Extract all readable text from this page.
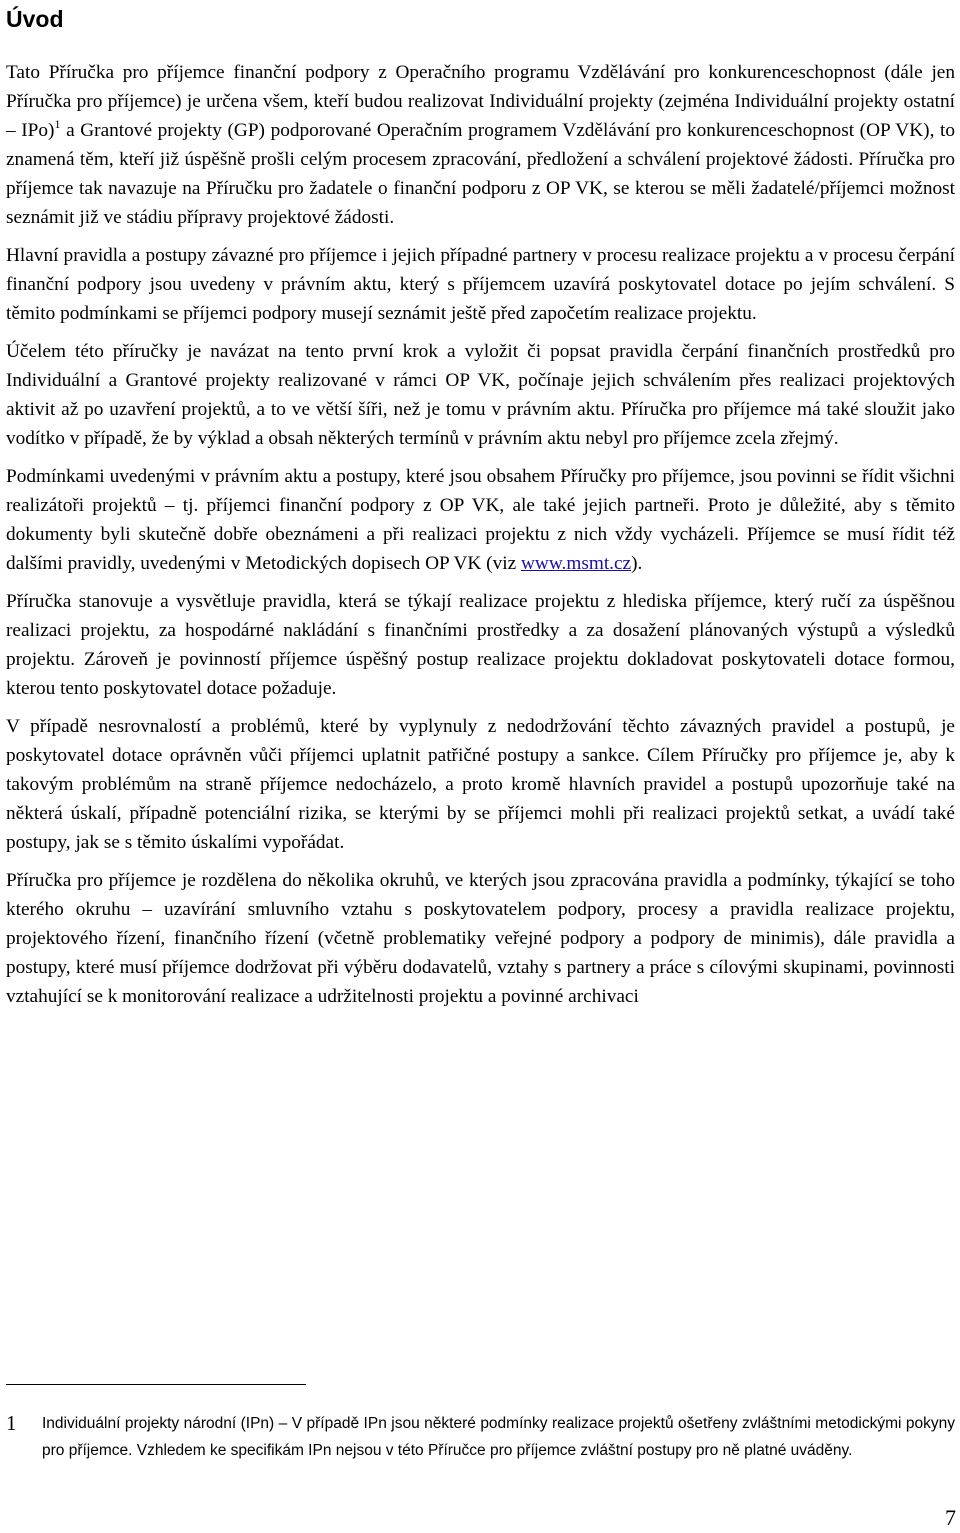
Úvod

Tato Příručka pro příjemce finanční podpory z Operačního programu Vzdělávání pro konkurenceschopnost (dále jen Příručka pro příjemce) je určena všem, kteří budou realizovat Individuální projekty (zejména Individuální projekty ostatní – IPo)$^1$ a Grantové projekty (GP) podporované Operačním programem Vzdělávání pro konkurenceschopnost (OP VK), to znamená těm, kteří již úspěšně prošli celým procesem zpracování, předložení a schválení projektové žádosti. Příručka pro příjemce tak navazuje na Příručku pro žadatele o finanční podporu z OP VK, se kterou se měli žadatelé/příjemci možnost seznámit již ve stádiu přípravy projektové žádosti.

Hlavní pravidla a postupy závazné pro příjemce i jejich případné partnery v procesu realizace projektu a v procesu čerpání finanční podpory jsou uvedeny v právním aktu, který s příjemcem uzavírá poskytovatel dotace po jejím schválení. S těmito podmínkami se příjemci podpory musejí seznámit ještě před započetím realizace projektu.

Účelem této příručky je navázat na tento první krok a vyložit či popsat pravidla čerpání finančních prostředků pro Individuální a Grantové projekty realizované v rámci OP VK, počínaje jejich schválením přes realizaci projektových aktivit až po uzavření projektů, a to ve větší šíři, než je tomu v právním aktu. Příručka pro příjemce má také sloužit jako vodítko v případě, že by výklad a obsah některých termínů v právním aktu nebyl pro příjemce zcela zřejmý.

Podmínkami uvedenými v právním aktu a postupy, které jsou obsahem Příručky pro příjemce, jsou povinni se řídit všichni realizátoři projektů – tj. příjemci finanční podpory z OP VK, ale také jejich partneři. Proto je důležité, aby s těmito dokumenty byli skutečně dobře obeznámeni a při realizaci projektu z nich vždy vycházeli. Příjemce se musí řídit též dalšími pravidly, uvedenými v Metodických dopisech OP VK (viz www.msmt.cz).

Příručka stanovuje a vysvětluje pravidla, která se týkají realizace projektu z hlediska příjemce, který ručí za úspěšnou realizaci projektu, za hospodárné nakládání s finančními prostředky a za dosažení plánovaných výstupů a výsledků projektu. Zároveň je povinností příjemce úspěšný postup realizace projektu dokladovat poskytovateli dotace formou, kterou tento poskytovatel dotace požaduje.

V případě nesrovnalostí a problémů, které by vyplynuly z nedodržování těchto závazných pravidel a postupů, je poskytovatel dotace oprávněn vůči příjemci uplatnit patřičné postupy a sankce. Cílem Příručky pro příjemce je, aby k takovým problémům na straně příjemce nedocházelo, a proto kromě hlavních pravidel a postupů upozorňuje také na některá úskalí, případně potenciální rizika, se kterými by se příjemci mohli při realizaci projektů setkat, a uvádí také postupy, jak se s těmito úskalími vypořádat.

Příručka pro příjemce je rozdělena do několika okruhů, ve kterých jsou zpracována pravidla a podmínky, týkající se toho kterého okruhu – uzavírání smluvního vztahu s poskytovatelem podpory, procesy a pravidla realizace projektu, projektového řízení, finančního řízení (včetně problematiky veřejné podpory a podpory de minimis), dále pravidla a postupy, které musí příjemce dodržovat při výběru dodavatelů, vztahy s partnery a práce s cílovými skupinami, povinnosti vztahující se k monitorování realizace a udržitelnosti projektu a povinné archivaci

1 Individuální projekty národní (IPn) – V případě IPn jsou některé podmínky realizace projektů ošetřeny zvláštními metodickými pokyny pro příjemce. Vzhledem ke specifikám IPn nejsou v této Příručce pro příjemce zvláštní postupy pro ně platné uváděny.
7
